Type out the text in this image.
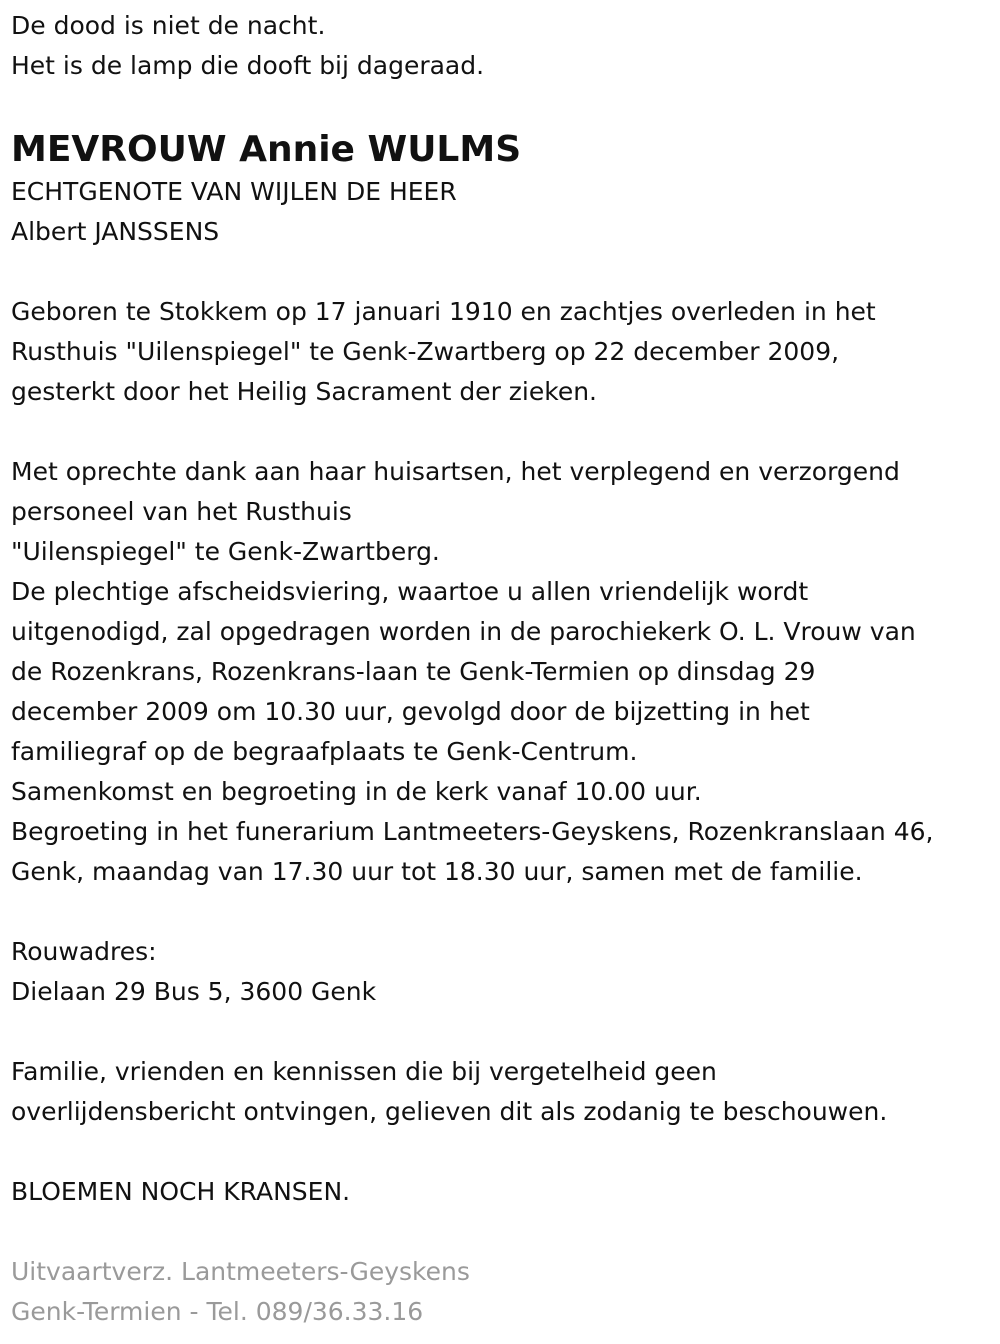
De dood is niet de nacht.
Het is de lamp die dooft bij dageraad.
MEVROUW Annie WULMS
ECHTGENOTE VAN WIJLEN DE HEER
Albert JANSSENS
Geboren te Stokkem op 17 januari 1910 en zachtjes overleden in het
Rusthuis "Uilenspiegel" te Genk-Zwartberg op 22 december 2009,
gesterkt door het Heilig Sacrament der zieken.
Met oprechte dank aan haar huisartsen, het verplegend en verzorgend
personeel van het Rusthuis
"Uilenspiegel" te Genk-Zwartberg.
De plechtige afscheidsviering, waartoe u allen vriendelijk wordt
uitgenodigd, zal opgedragen worden in de parochiekerk O. L. Vrouw van
de Rozenkrans, Rozenkrans-laan te Genk-Termien op dinsdag 29
december 2009 om 10.30 uur, gevolgd door de bijzetting in het
familiegraf op de begraafplaats te Genk-Centrum.
Samenkomst en begroeting in de kerk vanaf 10.00 uur.
Begroeting in het funerarium Lantmeeters-Geyskens, Rozenkranslaan 46,
Genk, maandag van 17.30 uur tot 18.30 uur, samen met de familie.
Rouwadres:
Dielaan 29 Bus 5, 3600 Genk
Familie, vrienden en kennissen die bij vergetelheid geen
overlijdensbericht ontvingen, gelieven dit als zodanig te beschouwen.
BLOEMEN NOCH KRANSEN.
Uitvaartverz. Lantmeeters-Geyskens
Genk-Termien - Tel. 089/36.33.16
